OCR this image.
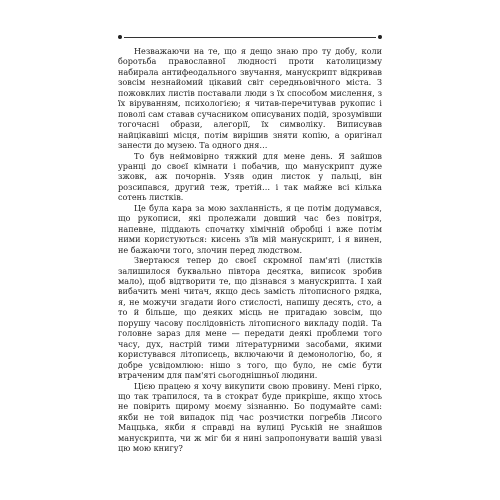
Незважаючи на те, що я дещо знаю про ту добу, коли боротьба православної людності проти католицизму набирала антифеодального звучання, манускрипт відкривав зовсім незнайомий цікавий світ середньовічного міста. З пожовклих листів поставали люди з їх способом мислення, з їх віруванням, психологією; я читав-перечитував рукопис і поволі сам ставав сучасником описуваних подій, зрозумівши тогочасні образи, алегорії, їх символіку. Виписував найцікавіші місця, потім вирішив зняти копію, а оригінал занести до музею. Та одного дня…

То був неймовірно тяжкий для мене день. Я зайшов уранці до своєї кімнати і побачив, що манускрипт дуже зжовк, аж почорнів. Узяв один листок у пальці, він розсипався, другий теж, третій… і так майже всі кілька сотень листків.

Це була кара за мою захланність, я це потім додумався, що рукописи, які пролежали довший час без повітря, напевне, піддають спочатку хімічній обробці і вже потім ними користуються: кисень з'їв мій манускрипт, і я винен, не бажаючи того, злочин перед людством.

Звертаюся тепер до своєї скромної пам'яті (листків залишилося буквально півтора десятка, виписок зробив мало), щоб відтворити те, що дізнався з манускрипта. І хай вибачить мені читач, якщо десь замість літописного рядка, я, не можучи згадати його стислості, напишу десять, сто, а то й більше, що деяких місць не пригадаю зовсім, що порушу часову послідовність літописного викладу подій. Та головне зараз для мене — передати деякі проблеми того часу, дух, настрій тими літературними засобами, якими користувався літописець, включаючи й демонологію, бо, я добре усвідомлюю: нішо з того, що було, не сміє бути втраченим для пам'яті сьогоднішньої людини.

Цією працею я хочу викупити свою провину. Мені гірко, що так трапилося, та в стократ буде прикріше, якщо хтось не повірить щирому моєму зізнанню. Бо подумайте самі: якби не той випадок під час розчистки погребів Лисого Маццька, якби я справді на вулиці Руській не знайшов манускрипта, чи ж міг би я нині запропонувати вашій увазі цю мою книгу?
